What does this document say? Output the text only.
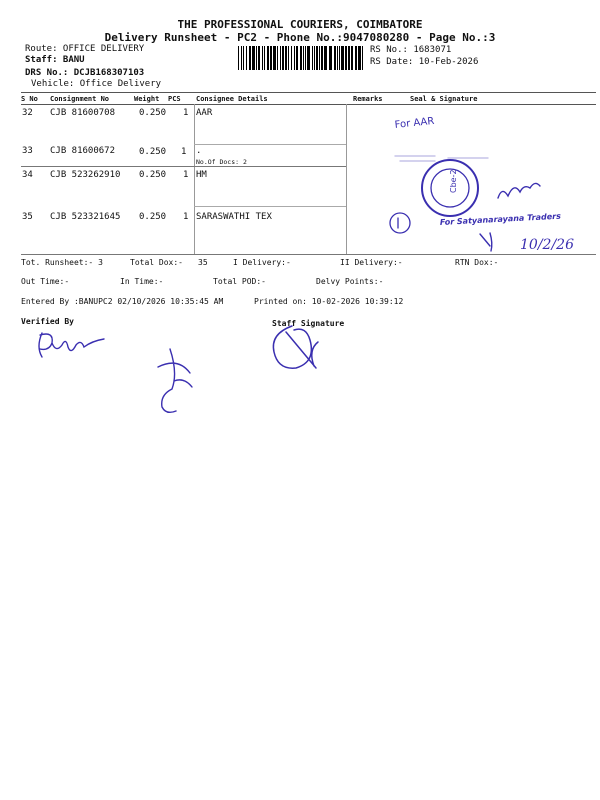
THE PROFESSIONAL COURIERS, COIMBATORE
Delivery Runsheet - PC2 - Phone No.:9047080280 - Page No.:3
Route: OFFICE DELIVERY
Staff: BANU
DRS No.: DCJB168307103
Vehicle: Office Delivery
RS No.: 1683071
RS Date: 10-Feb-2026
S No Consignment No	Weight PCS Consignee Details	Remarks	Seal & Signature
32 CJB 81600708	0.250 1 AAR
33 CJB 81600672	0.250 1 .
No.Of Docs: 2
34 CJB 523262910 0.250 1 HM
35 CJB 523321645 0.250 1 SARASWATHI TEX
Tot. Runsheet:- 3	Total Dox:- 35	I Delivery:-	II Delivery:-	RTN Dox:-
Out Time:-	In Time:-	Total POD:-	Delvy Points:-
Entered By :BANUPC2 02/10/2026 10:35:45 AM	Printed on: 10-02-2026 10:39:12
Verified By	Staff Signature
For AAR
Cbe-2
For Satyanarayana Traders
10/2/26
